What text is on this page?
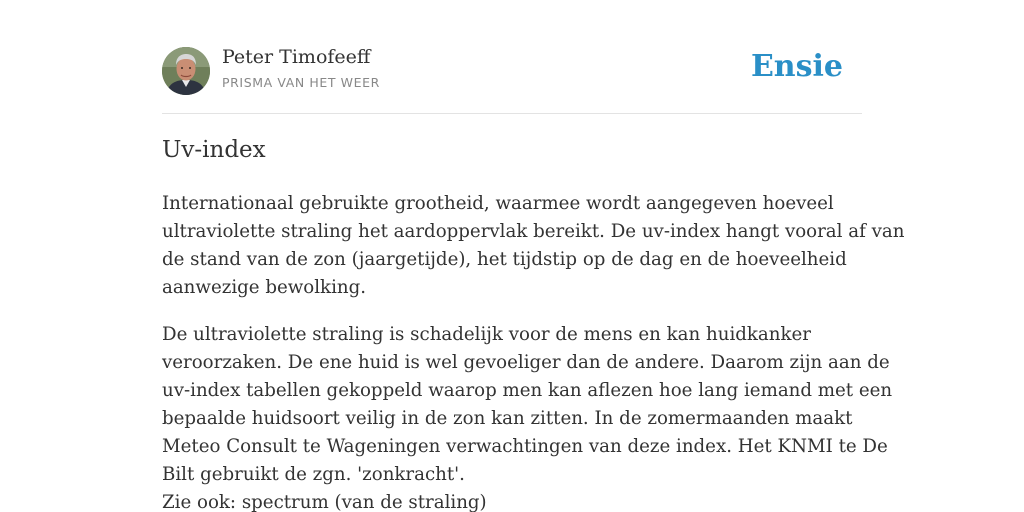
Peter Timofeeff
PRISMA VAN HET WEER	Ensie
Uv-index

Internationaal gebruikte grootheid, waarmee wordt aangegeven hoeveel
ultraviolette straling het aardoppervlak bereikt. De uv-index hangt vooral af van
de stand van de zon (jaargetijde), het tijdstip op de dag en de hoeveelheid
aanwezige bewolking.

De ultraviolette straling is schadelijk voor de mens en kan huidkanker
veroorzaken. De ene huid is wel gevoeliger dan de andere. Daarom zijn aan de
uv-index tabellen gekoppeld waarop men kan aflezen hoe lang iemand met een
bepaalde huidsoort veilig in de zon kan zitten. In de zomermaanden maakt
Meteo Consult te Wageningen verwachtingen van deze index. Het KNMI te De
Bilt gebruikt de zgn. 'zonkracht'.
Zie ook: spectrum (van de straling)
